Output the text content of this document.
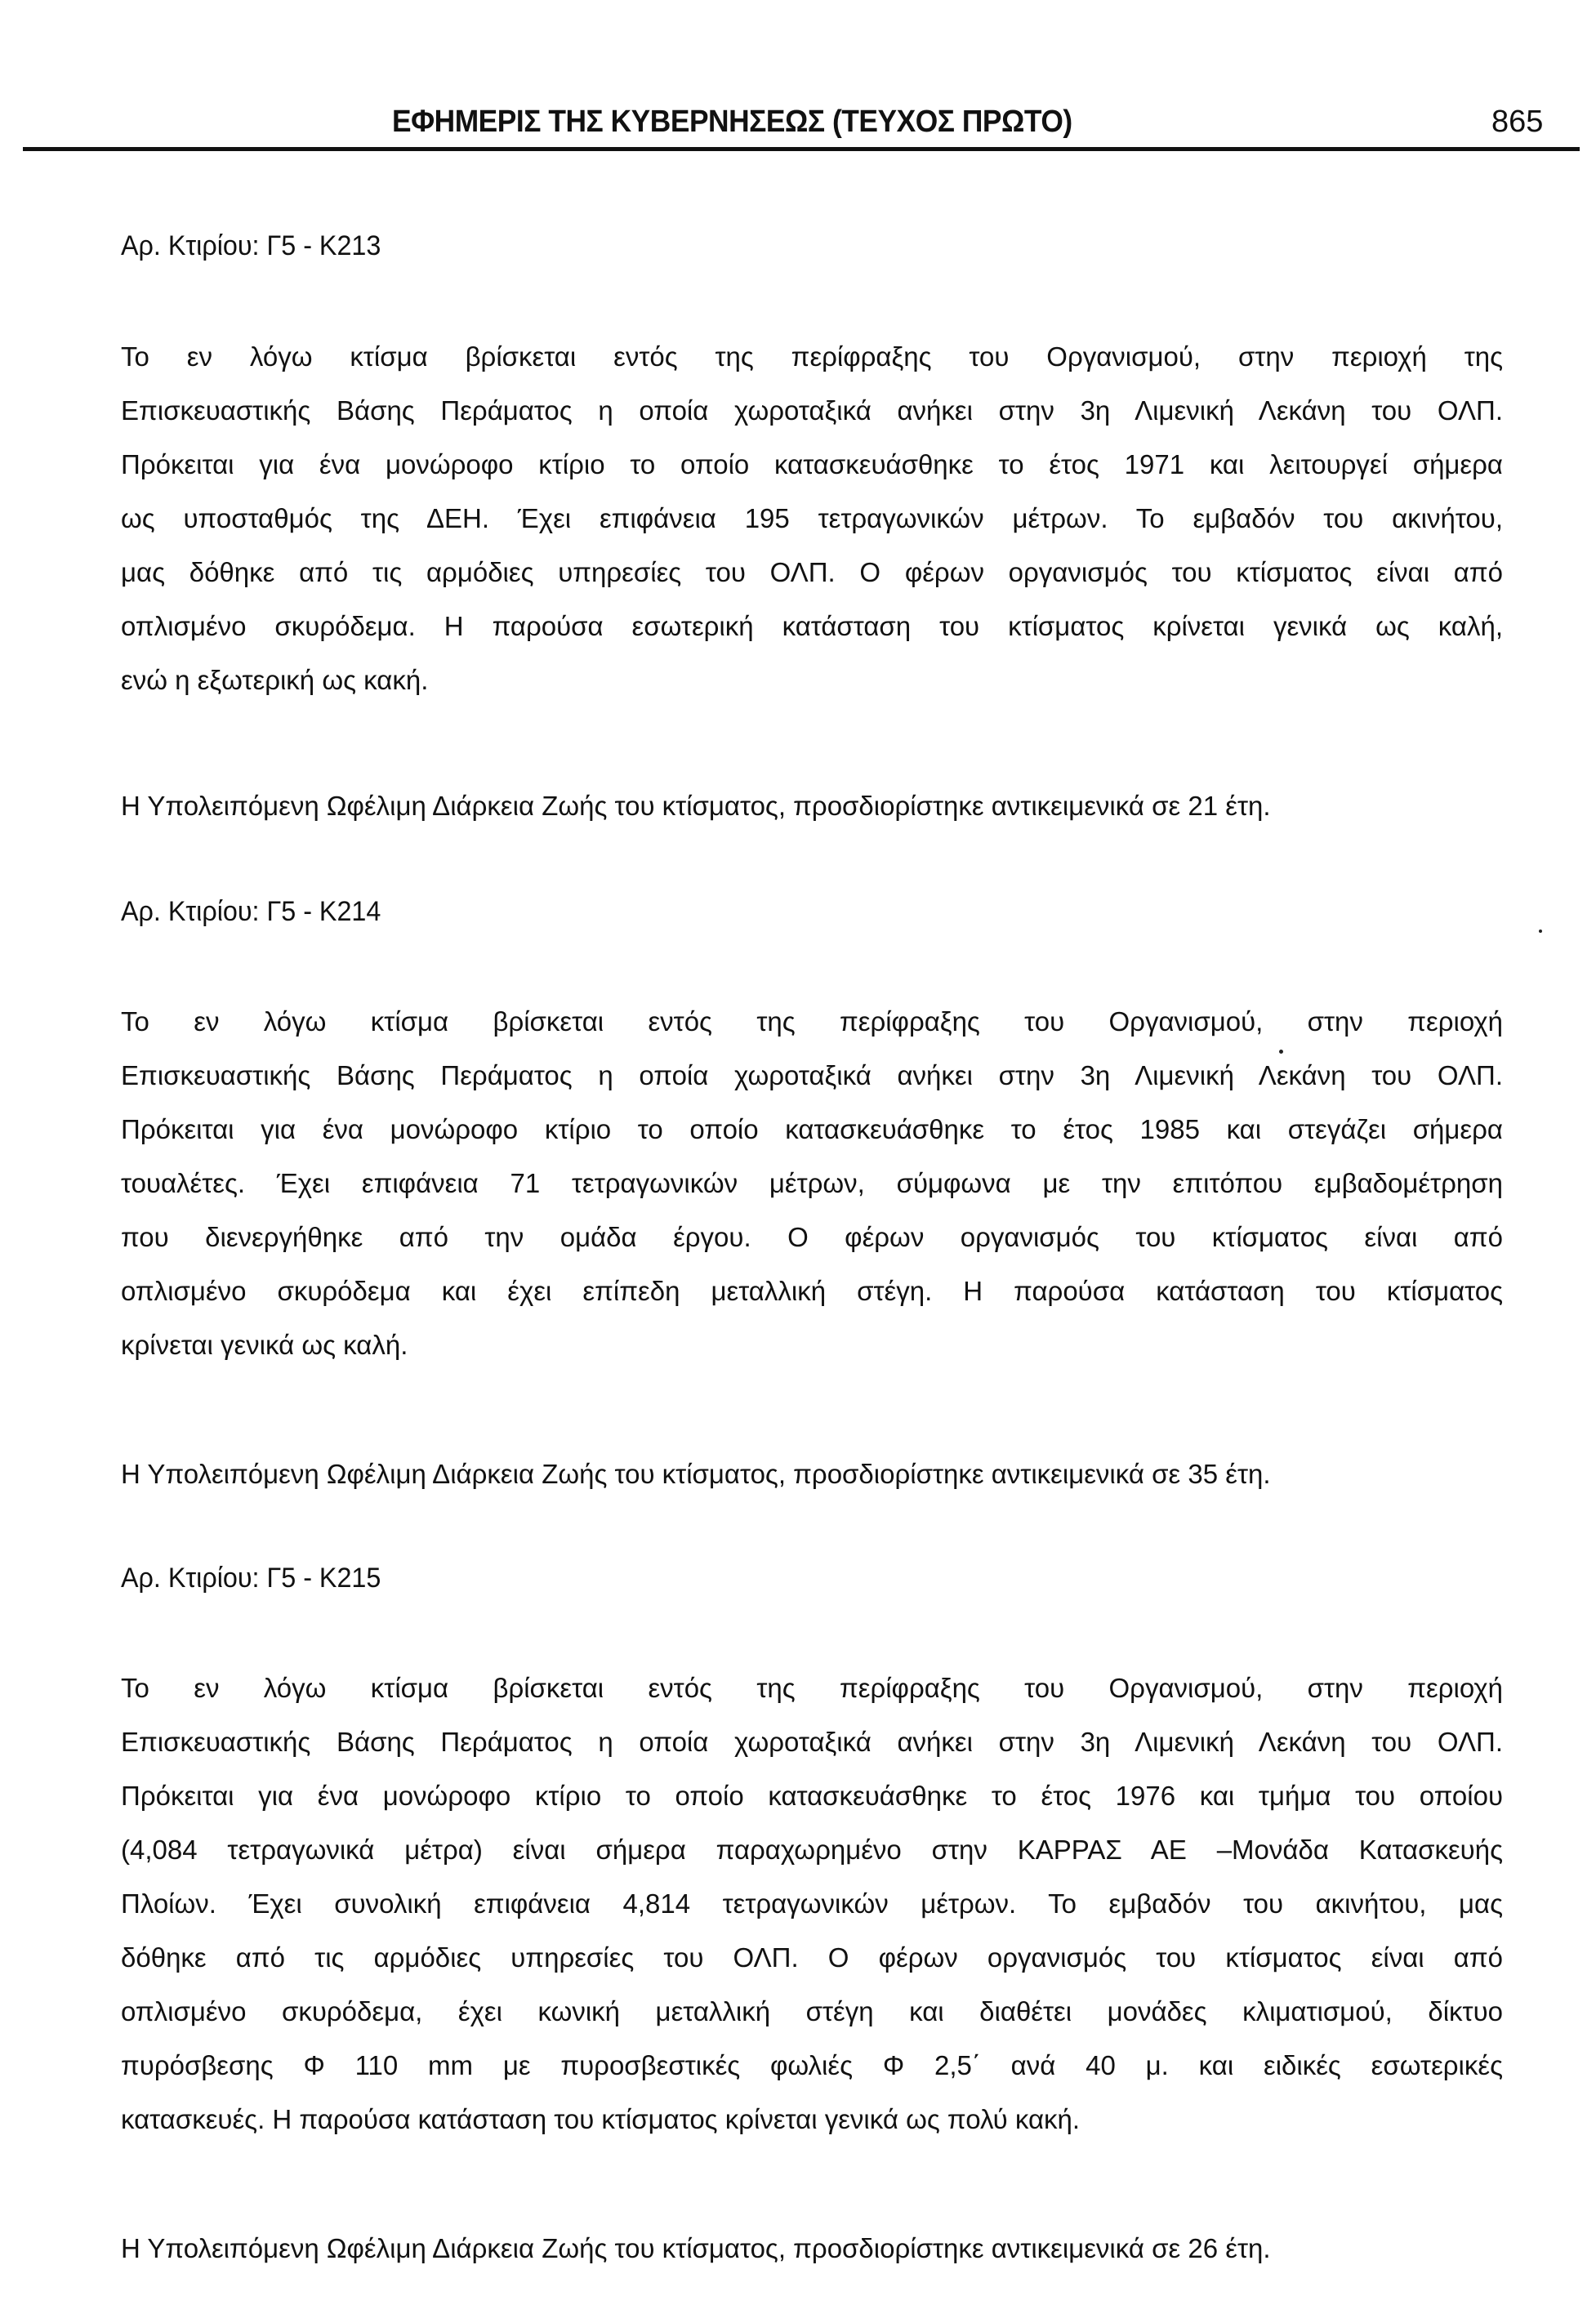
ΕΦΗΜΕΡΙΣ ΤΗΣ ΚΥΒΕΡΝΗΣΕΩΣ (ΤΕΥΧΟΣ ΠΡΩΤΟ)	865
Αρ. Κτιρίου: Γ5 - Κ213
Το εν λόγω κτίσμα βρίσκεται εντός της περίφραξης του Οργανισμού, στην περιοχή της
Επισκευαστικής Βάσης Περάματος η οποία χωροταξικά ανήκει στην 3η Λιμενική Λεκάνη του ΟΛΠ.
Πρόκειται για ένα μονώροφο κτίριο το οποίο κατασκευάσθηκε το έτος 1971 και λειτουργεί σήμερα
ως υποσταθμός της ΔΕΗ. Έχει επιφάνεια 195 τετραγωνικών μέτρων. Το εμβαδόν του ακινήτου,
μας δόθηκε από τις αρμόδιες υπηρεσίες του ΟΛΠ. Ο φέρων οργανισμός του κτίσματος είναι από
οπλισμένο σκυρόδεμα. Η παρούσα εσωτερική κατάσταση του κτίσματος κρίνεται γενικά ως καλή,
ενώ η εξωτερική ως κακή.
Η Υπολειπόμενη Ωφέλιμη Διάρκεια Ζωής του κτίσματος, προσδιορίστηκε αντικειμενικά σε 21 έτη.
Αρ. Κτιρίου: Γ5 - Κ214
Το εν λόγω κτίσμα βρίσκεται εντός της περίφραξης του Οργανισμού, στην περιοχή
Επισκευαστικής Βάσης Περάματος η οποία χωροταξικά ανήκει στην 3η Λιμενική Λεκάνη του ΟΛΠ.
Πρόκειται για ένα μονώροφο κτίριο το οποίο κατασκευάσθηκε το έτος 1985 και στεγάζει σήμερα
τουαλέτες. Έχει επιφάνεια 71 τετραγωνικών μέτρων, σύμφωνα με την επιτόπου εμβαδομέτρηση
που διενεργήθηκε από την ομάδα έργου. Ο φέρων οργανισμός του κτίσματος είναι από
οπλισμένο σκυρόδεμα και έχει επίπεδη μεταλλική στέγη. Η παρούσα κατάσταση του κτίσματος
κρίνεται γενικά ως καλή.
Η Υπολειπόμενη Ωφέλιμη Διάρκεια Ζωής του κτίσματος, προσδιορίστηκε αντικειμενικά σε 35 έτη.
Αρ. Κτιρίου: Γ5 - Κ215
Το εν λόγω κτίσμα βρίσκεται εντός της περίφραξης του Οργανισμού, στην περιοχή
Επισκευαστικής Βάσης Περάματος η οποία χωροταξικά ανήκει στην 3η Λιμενική Λεκάνη του ΟΛΠ.
Πρόκειται για ένα μονώροφο κτίριο το οποίο κατασκευάσθηκε το έτος 1976 και τμήμα του οποίου
(4,084 τετραγωνικά μέτρα) είναι σήμερα παραχωρημένο στην ΚΑΡΡΑΣ ΑΕ –Μονάδα Κατασκευής
Πλοίων. Έχει συνολική επιφάνεια 4,814 τετραγωνικών μέτρων. Το εμβαδόν του ακινήτου, μας
δόθηκε από τις αρμόδιες υπηρεσίες του ΟΛΠ. Ο φέρων οργανισμός του κτίσματος είναι από
οπλισμένο σκυρόδεμα, έχει κωνική μεταλλική στέγη και διαθέτει μονάδες κλιματισμού, δίκτυο
πυρόσβεσης Φ 110 mm με πυροσβεστικές φωλιές Φ 2,5΄ ανά 40 μ. και ειδικές εσωτερικές
κατασκευές. Η παρούσα κατάσταση του κτίσματος κρίνεται γενικά ως πολύ κακή.
Η Υπολειπόμενη Ωφέλιμη Διάρκεια Ζωής του κτίσματος, προσδιορίστηκε αντικειμενικά σε 26 έτη.
